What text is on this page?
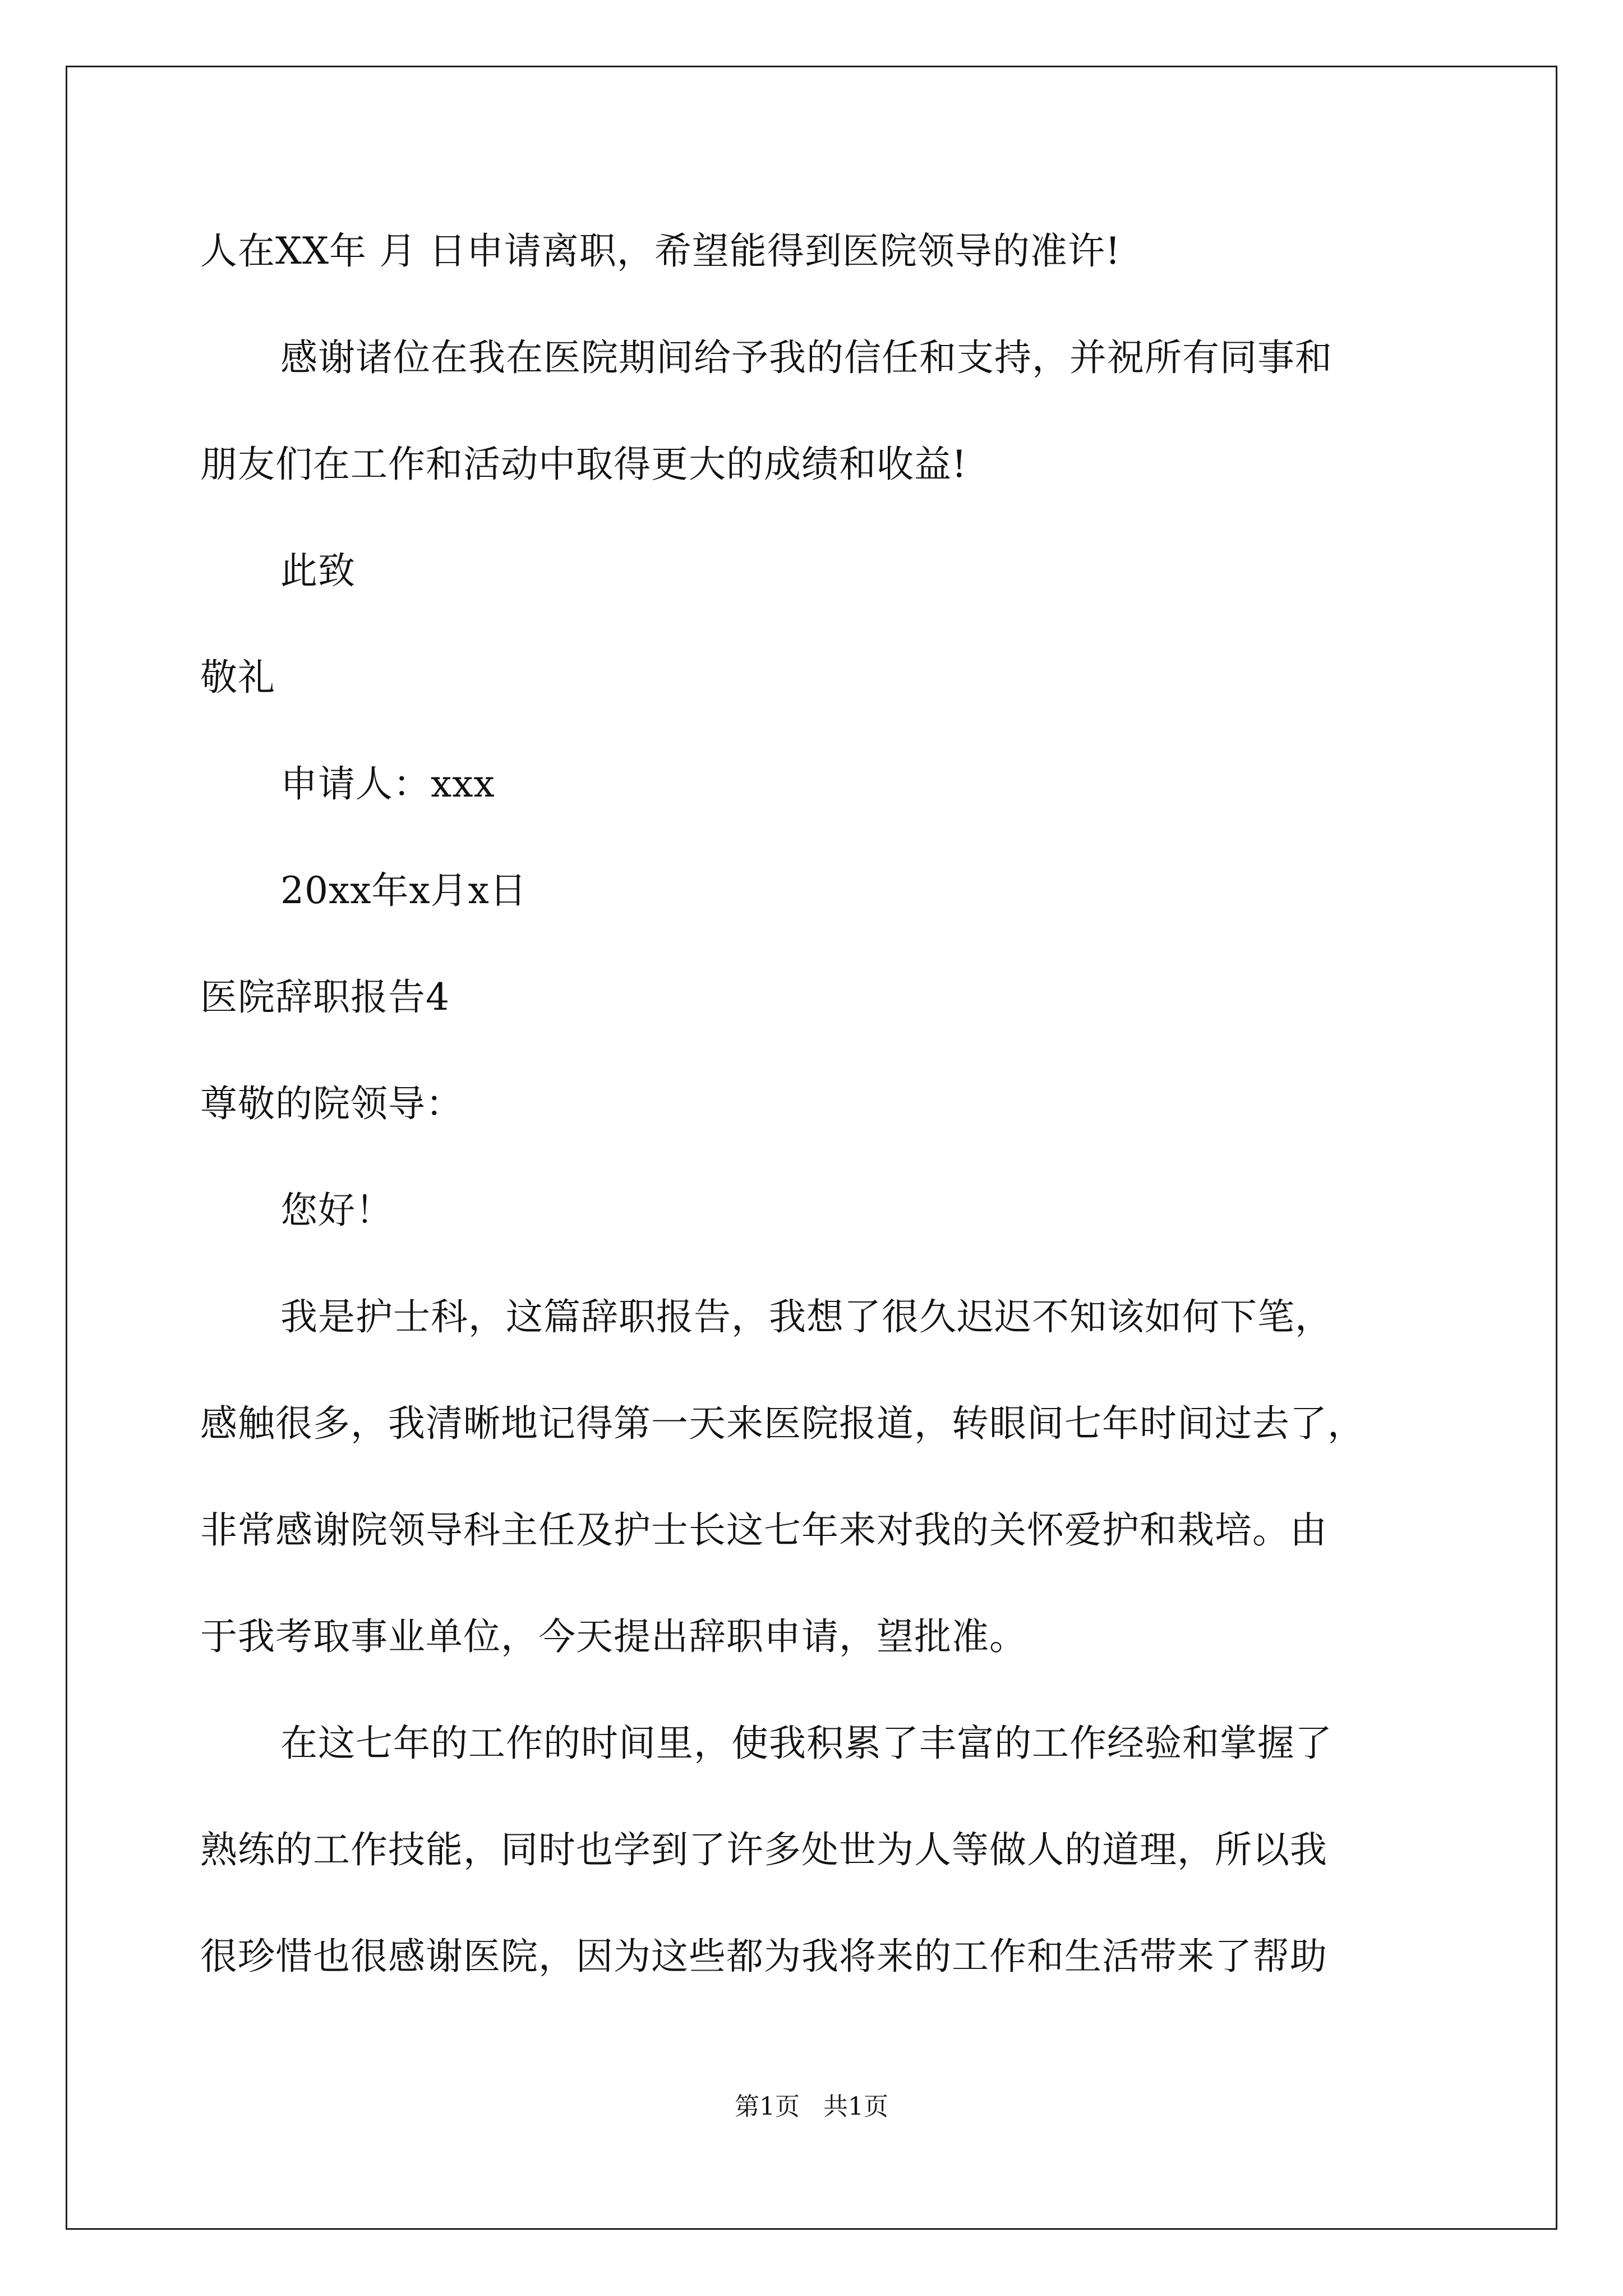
人在XX年 月 日申请离职，希望能得到医院领导的准许!
感谢诸位在我在医院期间给予我的信任和支持，并祝所有同事和
朋友们在工作和活动中取得更大的成绩和收益!
此致
敬礼
申请人：xxx
20xx年x月x日
医院辞职报告4
尊敬的院领导：
您好！
我是护士科，这篇辞职报告，我想了很久迟迟不知该如何下笔，
感触很多，我清晰地记得第一天来医院报道，转眼间七年时间过去了，
非常感谢院领导科主任及护士长这七年来对我的关怀爱护和栽培。由
于我考取事业单位，今天提出辞职申请，望批准。
在这七年的工作的时间里，使我积累了丰富的工作经验和掌握了
熟练的工作技能，同时也学到了许多处世为人等做人的道理，所以我
很珍惜也很感谢医院，因为这些都为我将来的工作和生活带来了帮助
第1页   共1页
